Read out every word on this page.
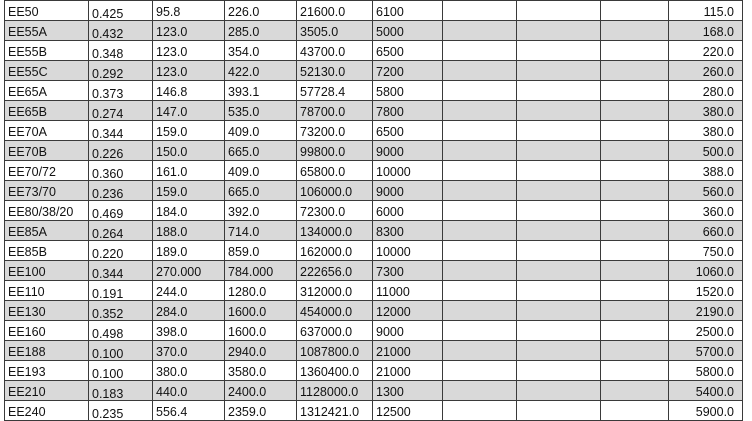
EE50	0.425	95.8	226.0	21600.0	6100				115.0
EE55A	0.432	123.0	285.0	3505.0	5000				168.0
EE55B	0.348	123.0	354.0	43700.0	6500				220.0
EE55C	0.292	123.0	422.0	52130.0	7200				260.0
EE65A	0.373	146.8	393.1	57728.4	5800				280.0
EE65B	0.274	147.0	535.0	78700.0	7800				380.0
EE70A	0.344	159.0	409.0	73200.0	6500				380.0
EE70B	0.226	150.0	665.0	99800.0	9000				500.0
EE70/72	0.360	161.0	409.0	65800.0	10000				388.0
EE73/70	0.236	159.0	665.0	106000.0	9000				560.0
EE80/38/20	0.469	184.0	392.0	72300.0	6000				360.0
EE85A	0.264	188.0	714.0	134000.0	8300				660.0
EE85B	0.220	189.0	859.0	162000.0	10000				750.0
EE100	0.344	270.000	784.000	222656.0	7300				1060.0
EE110	0.191	244.0	1280.0	312000.0	11000				1520.0
EE130	0.352	284.0	1600.0	454000.0	12000				2190.0
EE160	0.498	398.0	1600.0	637000.0	9000				2500.0
EE188	0.100	370.0	2940.0	1087800.0	21000				5700.0
EE193	0.100	380.0	3580.0	1360400.0	21000				5800.0
EE210	0.183	440.0	2400.0	1128000.0	1300				5400.0
EE240	0.235	556.4	2359.0	1312421.0	12500				5900.0
